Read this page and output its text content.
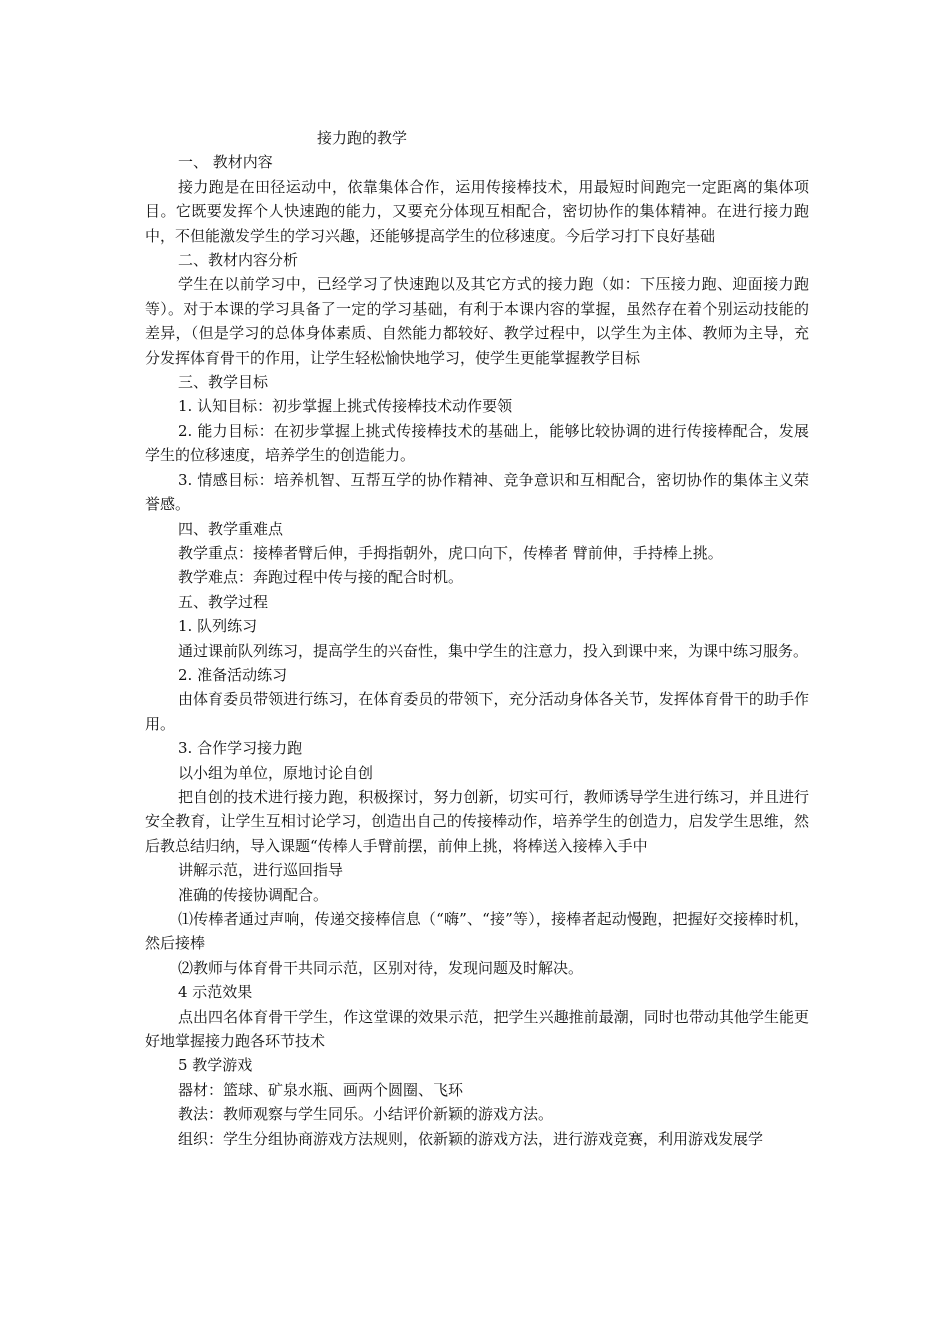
接力跑的教学

一、 教材内容

接力跑是在田径运动中，依靠集体合作，运用传接棒技术，用最短时间跑完一定距离的集体项目。它既要发挥个人快速跑的能力，又要充分体现互相配合，密切协作的集体精神。在进行接力跑中，不但能激发学生的学习兴趣，还能够提高学生的位移速度。今后学习打下良好基础

二、教材内容分析

学生在以前学习中，已经学习了快速跑以及其它方式的接力跑（如：下压接力跑、迎面接力跑等）。对于本课的学习具备了一定的学习基础，有利于本课内容的掌握，虽然存在着个别运动技能的差异，（但是学习的总体身体素质、自然能力都较好、教学过程中，以学生为主体、教师为主导，充分发挥体育骨干的作用，让学生轻松愉快地学习，使学生更能掌握教学目标

三、教学目标

1. 认知目标：初步掌握上挑式传接棒技术动作要领

2. 能力目标：在初步掌握上挑式传接棒技术的基础上，能够比较协调的进行传接棒配合，发展学生的位移速度，培养学生的创造能力。

3. 情感目标：培养机智、互帮互学的协作精神、竞争意识和互相配合，密切协作的集体主义荣誉感。

四、教学重难点

教学重点：接棒者臂后伸，手拇指朝外，虎口向下，传棒者 臂前伸，手持棒上挑。

教学难点：奔跑过程中传与接的配合时机。

五、教学过程

1. 队列练习

通过课前队列练习，提高学生的兴奋性，集中学生的注意力，投入到课中来，为课中练习服务。

2. 准备活动练习

由体育委员带领进行练习，在体育委员的带领下，充分活动身体各关节，发挥体育骨干的助手作用。

3. 合作学习接力跑

以小组为单位，原地讨论自创

把自创的技术进行接力跑，积极探讨，努力创新，切实可行，教师诱导学生进行练习，并且进行安全教育，让学生互相讨论学习，创造出自己的传接棒动作，培养学生的创造力，启发学生思维，然后教总结归纳，导入课题“传棒人手臂前摆，前伸上挑，将棒送入接棒入手中

讲解示范，进行巡回指导

准确的传接协调配合。

⑴传棒者通过声响，传递交接棒信息（“嗨”、“接”等），接棒者起动慢跑，把握好交接棒时机，然后接棒

⑵教师与体育骨干共同示范，区别对待，发现问题及时解决。

4 示范效果

点出四名体育骨干学生，作这堂课的效果示范，把学生兴趣推前最潮，同时也带动其他学生能更好地掌握接力跑各环节技术

5 教学游戏

器材：篮球、矿泉水瓶、画两个圆圈、飞环

教法：教师观察与学生同乐。小结评价新颖的游戏方法。

组织：学生分组协商游戏方法规则，依新颖的游戏方法，进行游戏竞赛，利用游戏发展学
